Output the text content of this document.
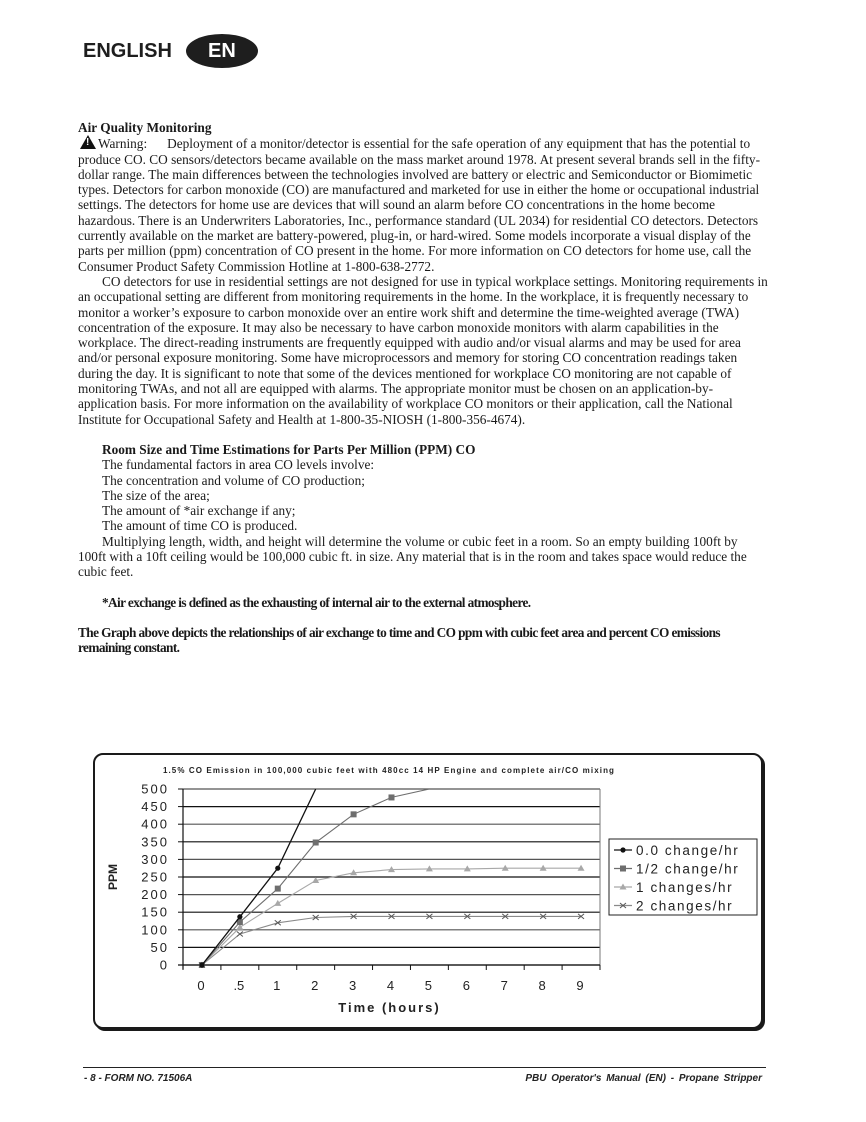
ENGLISH	EN

Air Quality Monitoring

!Warning: Deployment of a monitor/detector is essential for the safe operation of any equipment that has the potential to produce CO. CO sensors/detectors became available on the mass market around 1978. At present several brands sell in the fifty-dollar range. The main differences between the technologies involved are battery or electric and Semiconductor or Biomimetic types. Detectors for carbon monoxide (CO) are manufactured and marketed for use in either the home or occupational industrial settings. The detectors for home use are devices that will sound an alarm before CO concentrations in the home become hazardous. There is an Underwriters Laboratories, Inc., performance standard (UL 2034) for residential CO detectors. Detectors currently available on the market are battery-powered, plug-in, or hard-wired. Some models incorporate a visual display of the parts per million (ppm) concentration of CO present in the home. For more information on CO detectors for home use, call the Consumer Product Safety Commission Hotline at 1-800-638-2772.

CO detectors for use in residential settings are not designed for use in typical workplace settings. Monitoring requirements in an occupational setting are different from monitoring requirements in the home. In the workplace, it is frequently necessary to monitor a worker’s exposure to carbon monoxide over an entire work shift and determine the time-weighted average (TWA) concentration of the exposure. It may also be necessary to have carbon monoxide monitors with alarm capabilities in the workplace. The direct-reading instruments are frequently equipped with audio and/or visual alarms and may be used for area and/or personal exposure monitoring. Some have microprocessors and memory for storing CO concentration readings taken during the day. It is significant to note that some of the devices mentioned for workplace CO monitoring are not capable of monitoring TWAs, and not all are equipped with alarms. The appropriate monitor must be chosen on an application-by-application basis. For more information on the availability of workplace CO monitors or their application, call the National Institute for Occupational Safety and Health at 1-800-35-NIOSH (1-800-356-4674).

Room Size and Time Estimations for Parts Per Million (PPM) CO

The fundamental factors in area CO levels involve:

The concentration and volume of CO production;

The size of the area;

The amount of *air exchange if any;

The amount of time CO is produced.

Multiplying length, width, and height will determine the volume or cubic feet in a room. So an empty building 100ft by 100ft with a 10ft ceiling would be 100,000 cubic ft. in size. Any material that is in the room and takes space would reduce the cubic feet.

*Air exchange is defined as the exhausting of internal air to the external atmosphere.

The Graph above depicts the relationships of air exchange to time and CO ppm with cubic feet area and percent CO emissions remaining constant.

1.5% CO Emission in 100,000 cubic feet with 480cc 14 HP Engine and complete air/CO mixing
0
50
100
150
200
250
300
350
400
450
500
0 .5 1 2 3 4 5 6 7 8 9
Time (hours)
PPM
0.0 change/hr
1/2 change/hr
1 changes/hr
2 changes/hr
- 8 - FORM NO. 71506A	PBU Operator's Manual (EN) - Propane Stripper
